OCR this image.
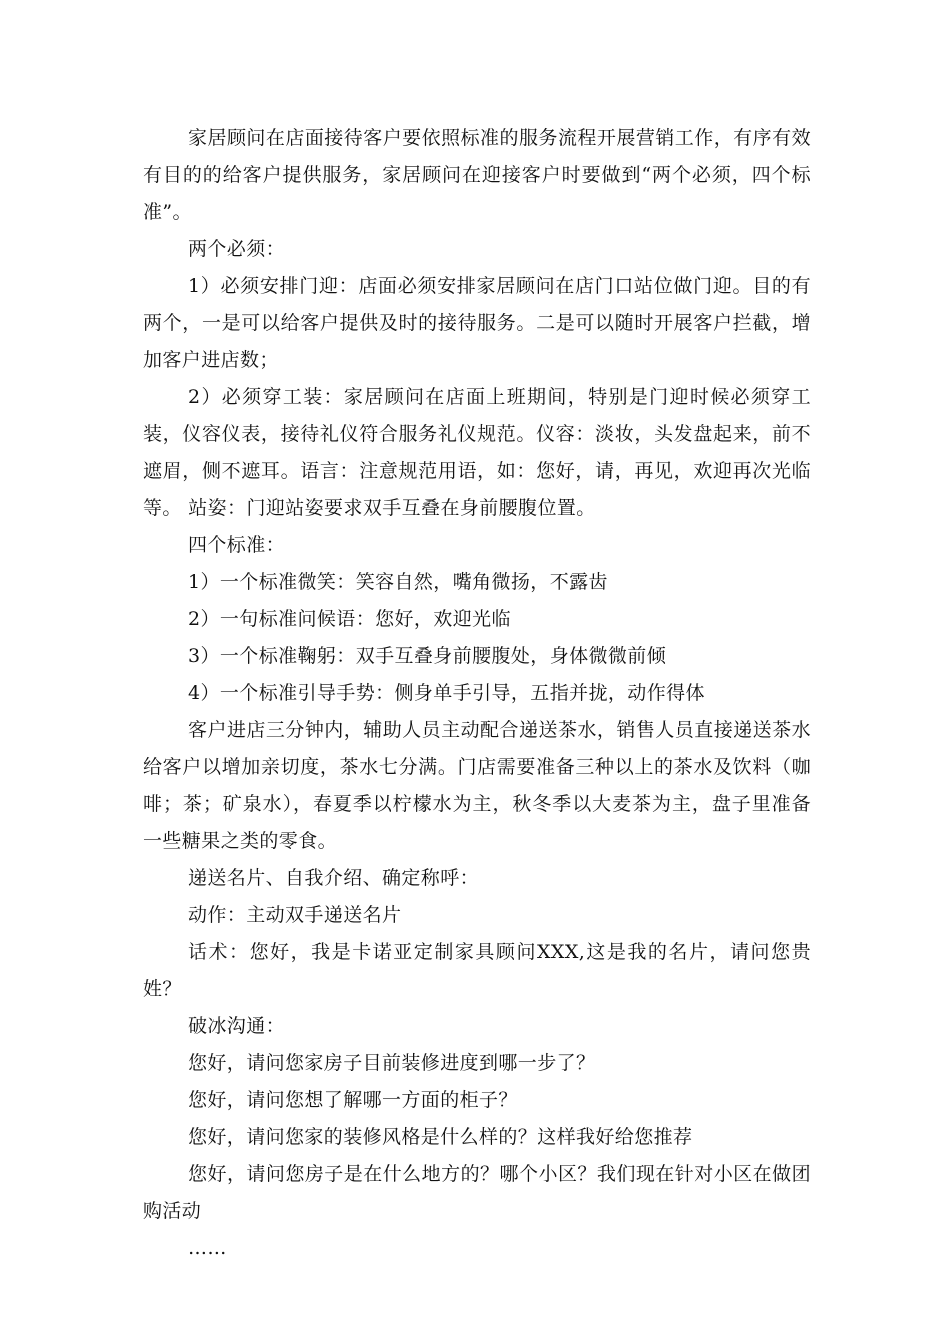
家居顾问在店面接待客户要依照标准的服务流程开展营销工作，有序有效有目的的给客户提供服务，家居顾问在迎接客户时要做到“两个必须，四个标准”。

两个必须：

1）必须安排门迎：店面必须安排家居顾问在店门口站位做门迎。目的有两个，一是可以给客户提供及时的接待服务。二是可以随时开展客户拦截，增加客户进店数；

2）必须穿工装：家居顾问在店面上班期间，特别是门迎时候必须穿工装，仪容仪表，接待礼仪符合服务礼仪规范。仪容：淡妆，头发盘起来，前不遮眉，侧不遮耳。语言：注意规范用语，如：您好，请，再见，欢迎再次光临等。 站姿：门迎站姿要求双手互叠在身前腰腹位置。

四个标准：

1）一个标准微笑：笑容自然，嘴角微扬，不露齿

2）一句标准问候语：您好，欢迎光临

3）一个标准鞠躬：双手互叠身前腰腹处，身体微微前倾

4）一个标准引导手势：侧身单手引导，五指并拢，动作得体

客户进店三分钟内，辅助人员主动配合递送茶水，销售人员直接递送茶水给客户以增加亲切度，茶水七分满。门店需要准备三种以上的茶水及饮料（咖啡；茶；矿泉水），春夏季以柠檬水为主，秋冬季以大麦茶为主，盘子里准备一些糖果之类的零食。

递送名片、自我介绍、确定称呼：

动作：主动双手递送名片

话术：您好，我是卡诺亚定制家具顾问XXX,这是我的名片，请问您贵姓？

破冰沟通：

您好，请问您家房子目前装修进度到哪一步了？

您好，请问您想了解哪一方面的柜子？

您好，请问您家的装修风格是什么样的？这样我好给您推荐

您好，请问您房子是在什么地方的？哪个小区？我们现在针对小区在做团购活动

……
